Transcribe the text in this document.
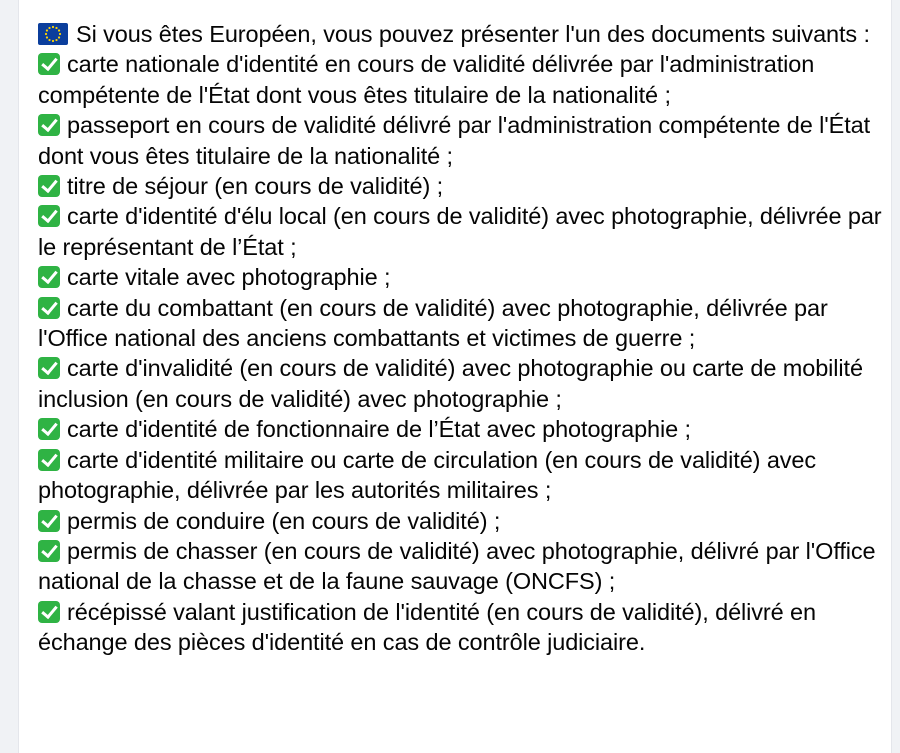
Si vous êtes Européen, vous pouvez présenter l'un des documents suivants :
carte nationale d'identité en cours de validité délivrée par l'administration compétente de l'État dont vous êtes titulaire de la nationalité ;
passeport en cours de validité délivré par l'administration compétente de l'État dont vous êtes titulaire de la nationalité ;
titre de séjour (en cours de validité) ;
carte d'identité d'élu local (en cours de validité) avec photographie, délivrée par le représentant de l’État ;
carte vitale avec photographie ;
carte du combattant (en cours de validité) avec photographie, délivrée par l'Office national des anciens combattants et victimes de guerre ;
carte d'invalidité (en cours de validité) avec photographie ou carte de mobilité inclusion (en cours de validité) avec photographie ;
carte d'identité de fonctionnaire de l’État avec photographie ;
carte d'identité militaire ou carte de circulation (en cours de validité) avec photographie, délivrée par les autorités militaires ;
permis de conduire (en cours de validité) ;
permis de chasser (en cours de validité) avec photographie, délivré par l'Office national de la chasse et de la faune sauvage (ONCFS) ;
récépissé valant justification de l'identité (en cours de validité), délivré en échange des pièces d'identité en cas de contrôle judiciaire.
